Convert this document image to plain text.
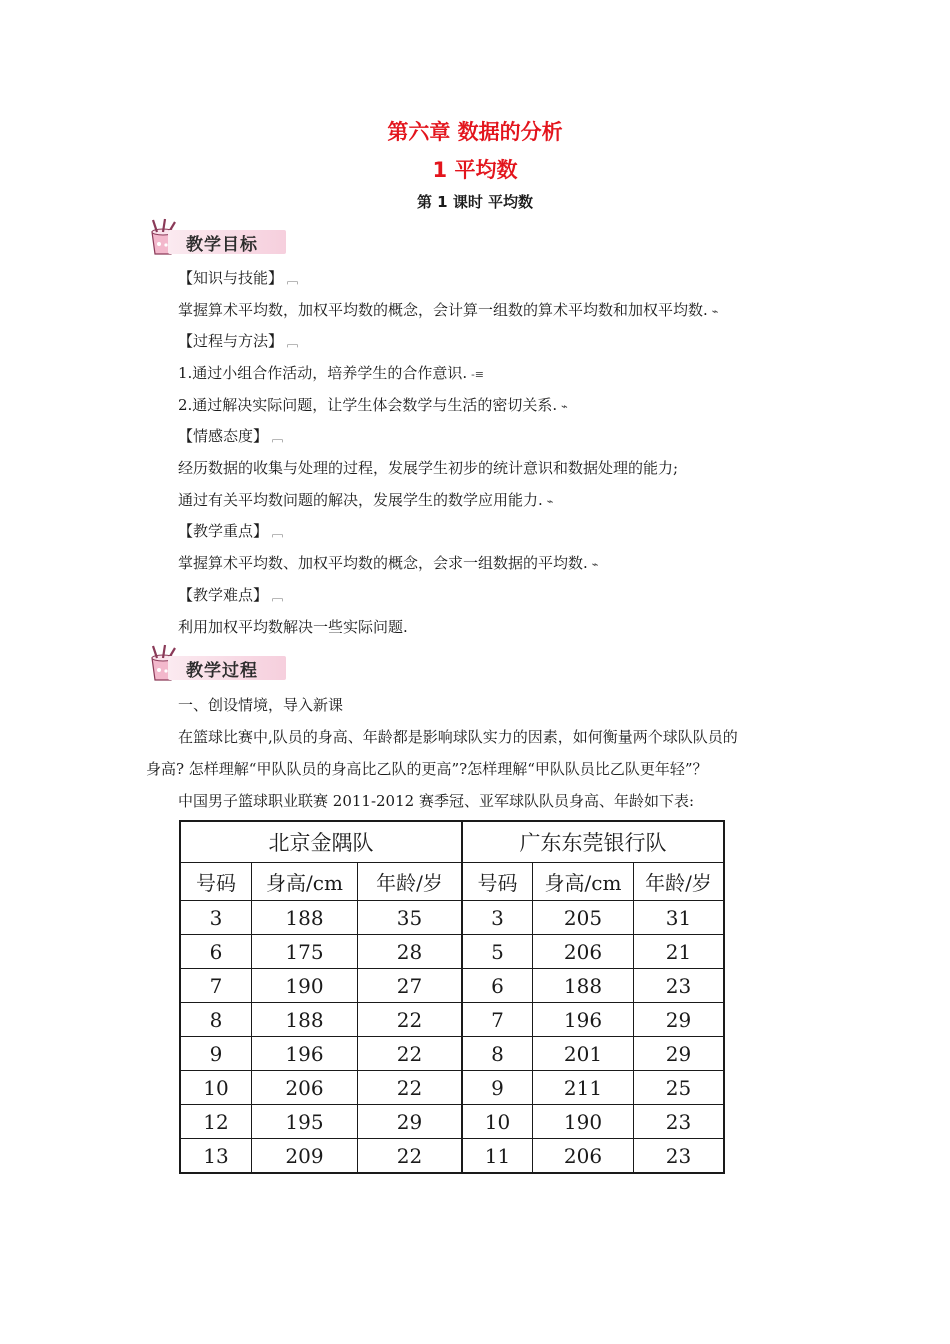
第六章 数据的分析
1 平均数
第 1 课时 平均数
教学目标
【知识与技能】 ﹇
掌握算术平均数，加权平均数的概念，会计算一组数的算术平均数和加权平均数. ⌁
【过程与方法】 ﹇
1.通过小组合作活动，培养学生的合作意识. -≡
2.通过解决实际问题，让学生体会数学与生活的密切关系. ⌁
【情感态度】 ﹇
经历数据的收集与处理的过程，发展学生初步的统计意识和数据处理的能力;
通过有关平均数问题的解决，发展学生的数学应用能力. ⌁
【教学重点】 ﹇
掌握算术平均数、加权平均数的概念，会求一组数据的平均数. ⌁
【教学难点】 ﹇
利用加权平均数解决一些实际问题.
教学过程
一、创设情境，导入新课
在篮球比赛中,队员的身高、年龄都是影响球队实力的因素，如何衡量两个球队队员的
身高? 怎样理解“甲队队员的身高比乙队的更高”?怎样理解“甲队队员比乙队更年轻”？
中国男子篮球职业联赛 2011-2012 赛季冠、亚军球队队员身高、年龄如下表:
北京金隅队			广东东莞银行队		
号码	身高/cm	年龄/岁	号码	身高/cm	年龄/岁
3	188	35	3	205	31
6	175	28	5	206	21
7	190	27	6	188	23
8	188	22	7	196	29
9	196	22	8	201	29
10	206	22	9	211	25
12	195	29	10	190	23
13	209	22	11	206	23
